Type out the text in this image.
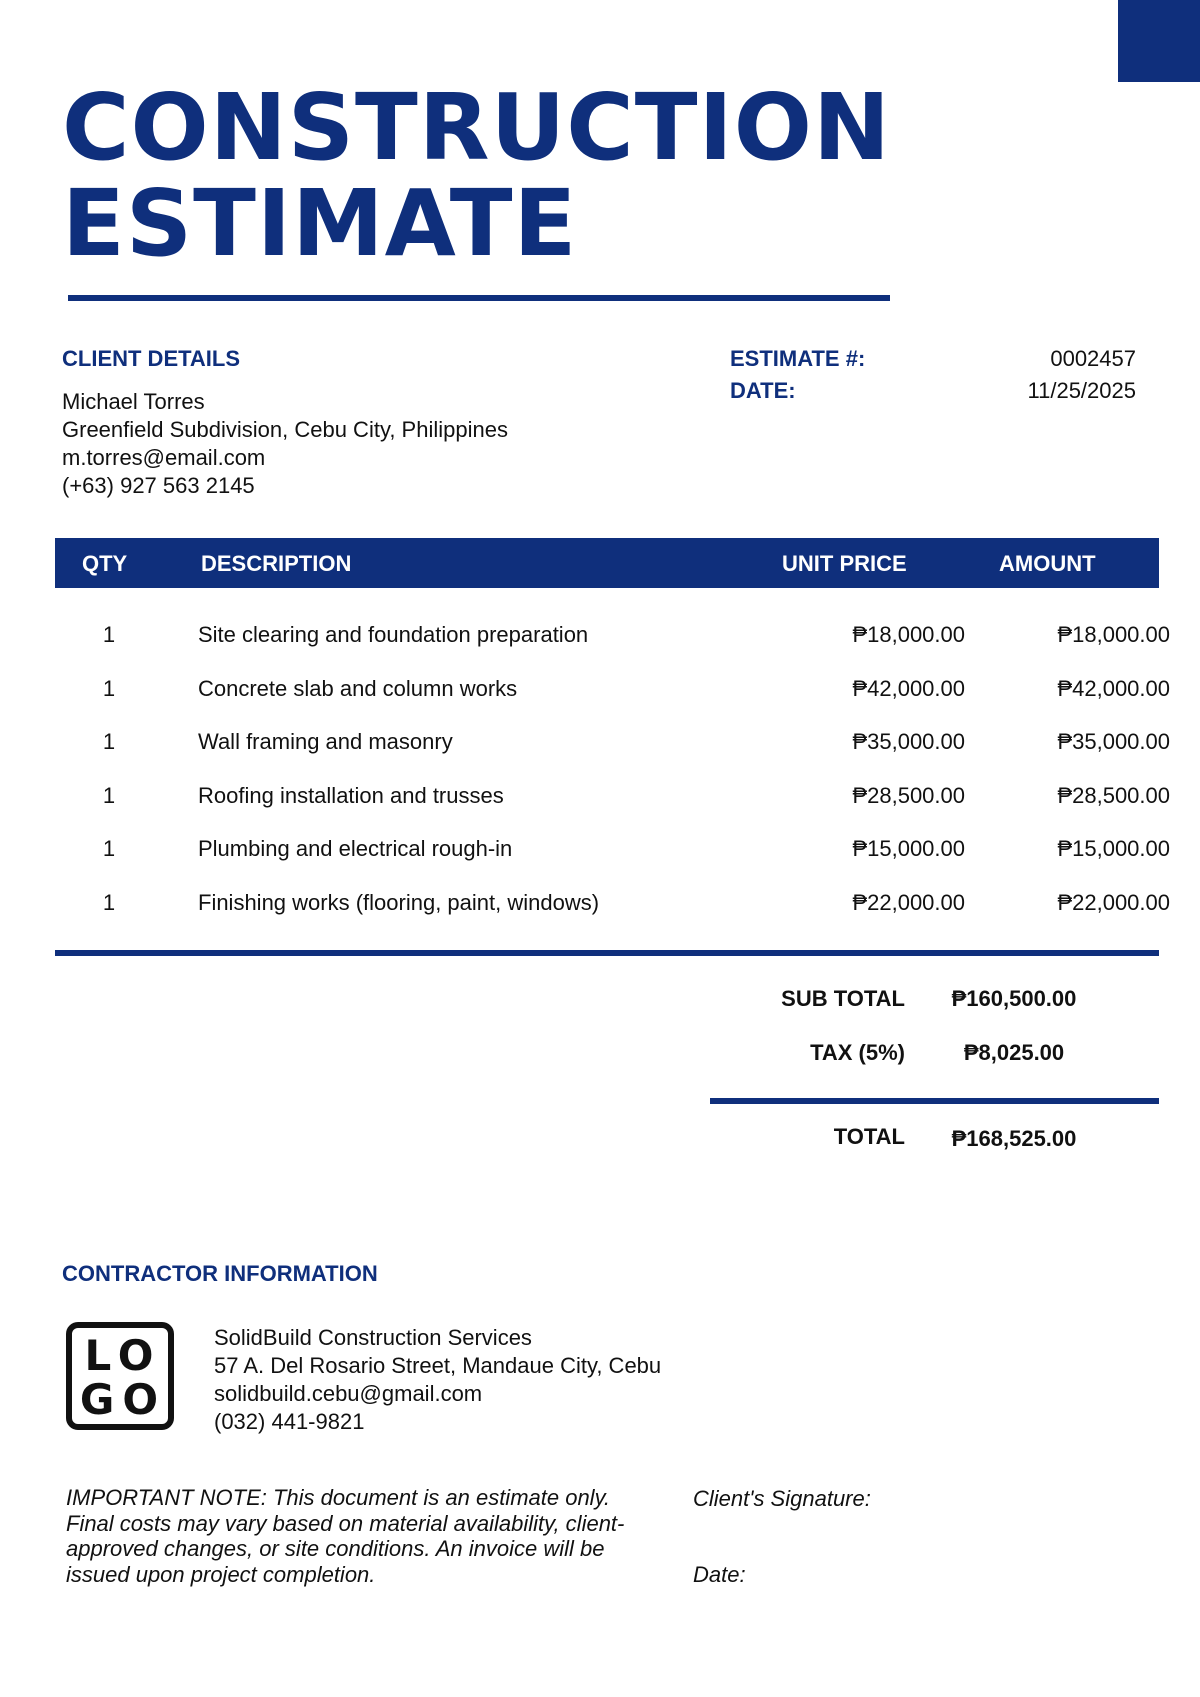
CONSTRUCTION
ESTIMATE
CLIENT DETAILS
Michael Torres
Greenfield Subdivision, Cebu City, Philippines
m.torres@email.com
(+63) 927 563 2145
ESTIMATE #:	0002457
DATE:	11/25/2025
QTY	DESCRIPTION	UNIT PRICE	AMOUNT
1	Site clearing and foundation preparation	₱18,000.00	₱18,000.00
1	Concrete slab and column works	₱42,000.00	₱42,000.00
1	Wall framing and masonry	₱35,000.00	₱35,000.00
1	Roofing installation and trusses	₱28,500.00	₱28,500.00
1	Plumbing and electrical rough-in	₱15,000.00	₱15,000.00
1	Finishing works (flooring, paint, windows)	₱22,000.00	₱22,000.00
SUB TOTAL	₱160,500.00
TAX (5%)	₱8,025.00
TOTAL	₱168,525.00
CONTRACTOR INFORMATION
LO
GO
SolidBuild Construction Services
57 A. Del Rosario Street, Mandaue City, Cebu
solidbuild.cebu@gmail.com
(032) 441-9821
IMPORTANT NOTE: This document is an estimate only. Final costs may vary based on material availability, client-approved changes, or site conditions. An invoice will be issued upon project completion.
Client's Signature:
Date:
